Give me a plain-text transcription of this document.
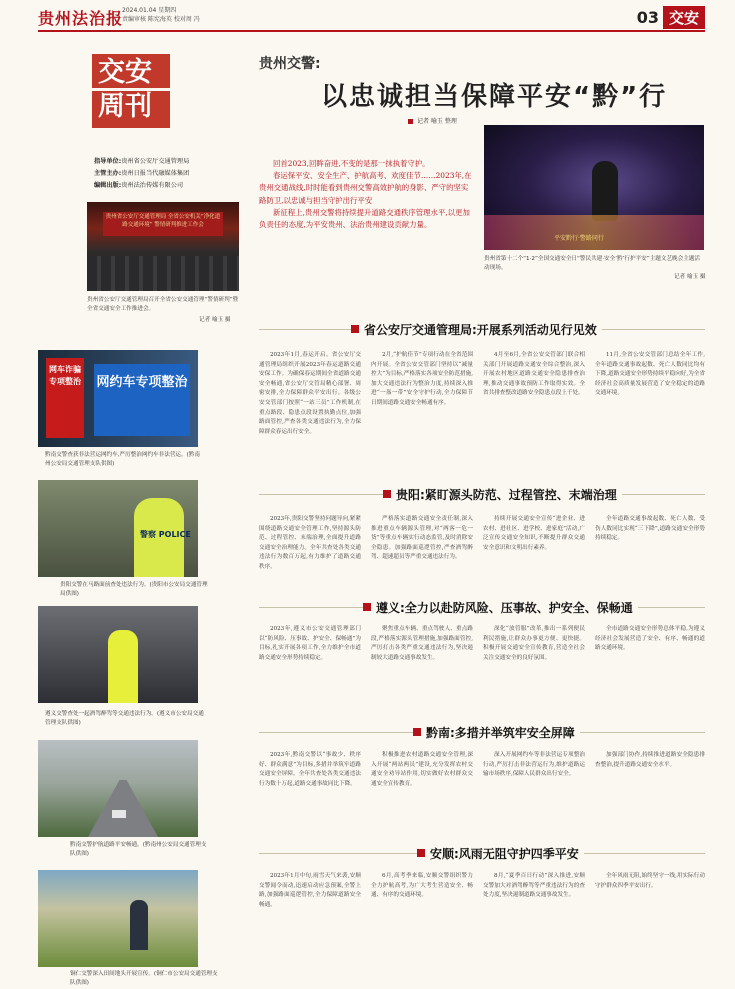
贵州法治报
2024.01.04 星期四
责编审核 陈宪海英 校对周 冯	03 交安
交安
周刊
指导单位:贵州省公安厅交通管理局
主管主办:贵州日报当代融媒体集团
编辑出版:贵州法治传媒有限公司
贵州交警:
以忠诚担当保障平安“黔”行
记者 喻玉 整理

回首2023,回眸奋进,不变的是那一抹执着守护。

春运保平安、安全生产、护航高考、欢度佳节……2023年,在贵州交通战线,时时能看到贵州交警高效护航的身影、严守的坚实路防卫,以忠诚与担当守护出行平安

新征程上,贵州交警将持续提升道路交通秩序管理水平,以更加负责任的态度,为平安贵州、法治贵州建设贡献力量。

贵州省公安厅交通管理局 全省公安机关“净化道路交通环境” 警情研判推进工作会
贵州省公安厅交通管理局召开全省公安交通管理“警情研判”暨全省交通安全工作推进会。
记者 喻玉 摄
平安黔行·警路同行
贵州省第十二个“1·2”全国交通安全日“警民共建·安全‘黔’行护平安”主题文艺晚会主题活动现场。
记者 喻玉 摄
省公安厅交通管理局:开展系列活动见行见效
2023年1月,春运开启。省公安厅交通管理局组织开展2023年春运道路交通安保工作。为确保春运期间全省道路交通安全畅通,省公安厅交管局精心部署、周密安排,全力保障群众平安出行。各级公安交管部门按照“一站三员”工作机制,在重点路段、隐患点段设置执勤点位,加强路面管控,严查各类交通违法行为,全力保障群众春运出行安全。
2月,“护航佳节”专项行动在全省范围内开展。全省公安交管部门坚持以“减量控大”为目标,严格落实各项安全防范措施,加大交通违法行为整治力度,持续深入推进“一盔一带”安全守护行动,全力保障节日期间道路交通安全畅通有序。
4月至6月,全省公安交管部门联合相关部门开展道路交通安全综合整治,深入开展农村地区道路交通安全隐患排查治理,推动交通事故预防工作取得实效。全省共排查整改道路安全隐患点段上千处。
11月,全省公安交管部门总结全年工作,全年道路交通事故起数、死亡人数同比均有下降,道路交通安全形势持续平稳向好,为全省经济社会高质量发展营造了安全稳定的道路交通环境。
网车诈骗专项整治 网约车专项整治
黔南交警查获非法营运网约车,严厉整治网约车非法营运。(黔南州公安局交通管理支队供图)
贵阳:紧盯源头防范、过程管控、末端治理
2023年,贵阳交警坚持问题导向,紧紧围绕道路交通安全管理工作,坚持源头防范、过程管控、末端治理,全面提升道路交通安全治理能力。全年共查处各类交通违法行为数百万起,有力维护了道路交通秩序。
严格落实道路交通安全责任制,深入推进重点车辆源头管理,对“两客一危一货”等重点车辆实行动态监管,及时消除安全隐患。加强路面巡逻管控,严查酒驾醉驾、超速超员等严重交通违法行为。
持续开展交通安全宣传“进企业、进农村、进社区、进学校、进家庭”活动,广泛宣传交通安全知识,不断提升群众交通安全意识和文明出行素养。
全年道路交通事故起数、死亡人数、受伤人数同比实现“三下降”,道路交通安全形势持续稳定。
警察 POLICE
贵阳交警在马路面前查处违法行为。(贵阳市公安局交通管理局供图)
遵义:全力以赴防风险、压事故、护安全、保畅通
2023年,遵义市公安交通管理部门以“防风险、压事故、护安全、保畅通”为目标,扎实开展各项工作,全力维护全市道路交通安全形势持续稳定。
聚焦重点车辆、重点驾驶人、重点路段,严格落实源头管理措施,加强路面管控,严厉打击各类严重交通违法行为,坚决遏制较大道路交通事故发生。
深化“放管服”改革,推出一系列便民利民措施,让群众办事更方便、更快捷。积极开展交通安全宣传教育,营造全社会关注交通安全的良好氛围。
全市道路交通安全形势总体平稳,为遵义经济社会发展营造了安全、有序、畅通的道路交通环境。
遵义交警查处一起酒驾醉驾等交通违法行为。(遵义市公安局交通管理支队供图)
黔南:多措并举筑牢安全屏障
2023年,黔南交警以“事故少、秩序好、群众满意”为目标,多措并举筑牢道路交通安全屏障。全年共查处各类交通违法行为数十万起,道路交通事故同比下降。
积极推进农村道路交通安全管理,深入开展“两站两员”建设,充分发挥农村交通安全劝导站作用,切实做好农村群众交通安全宣传教育。
深入开展网约车等非法营运专项整治行动,严厉打击非法营运行为,维护道路运输市场秩序,保障人民群众出行安全。
加强部门协作,持续推进道路安全隐患排查整治,提升道路交通安全水平。
黔南交警护航道路平安畅通。(黔南州公安局交通管理支队供图)	安顺:风雨无阻守护四季平安
2023年1月中旬,雨雪天气来袭,安顺交警闻令而动,迅速启动应急预案,全警上路,加强路面巡逻管控,全力保障道路安全畅通。
6月,高考季来临,安顺交警组织警力全力护航高考,为广大考生营造安全、畅通、有序的交通环境。
8月,“夏季百日行动”深入推进,安顺交警加大对酒驾醉驾等严重违法行为的查处力度,坚决遏制道路交通事故发生。
全年风雨无阻,始终坚守一线,用实际行动守护群众四季平安出行。
铜仁交警深入田间地头开展宣传。(铜仁市公安局交通管理支队供图)
